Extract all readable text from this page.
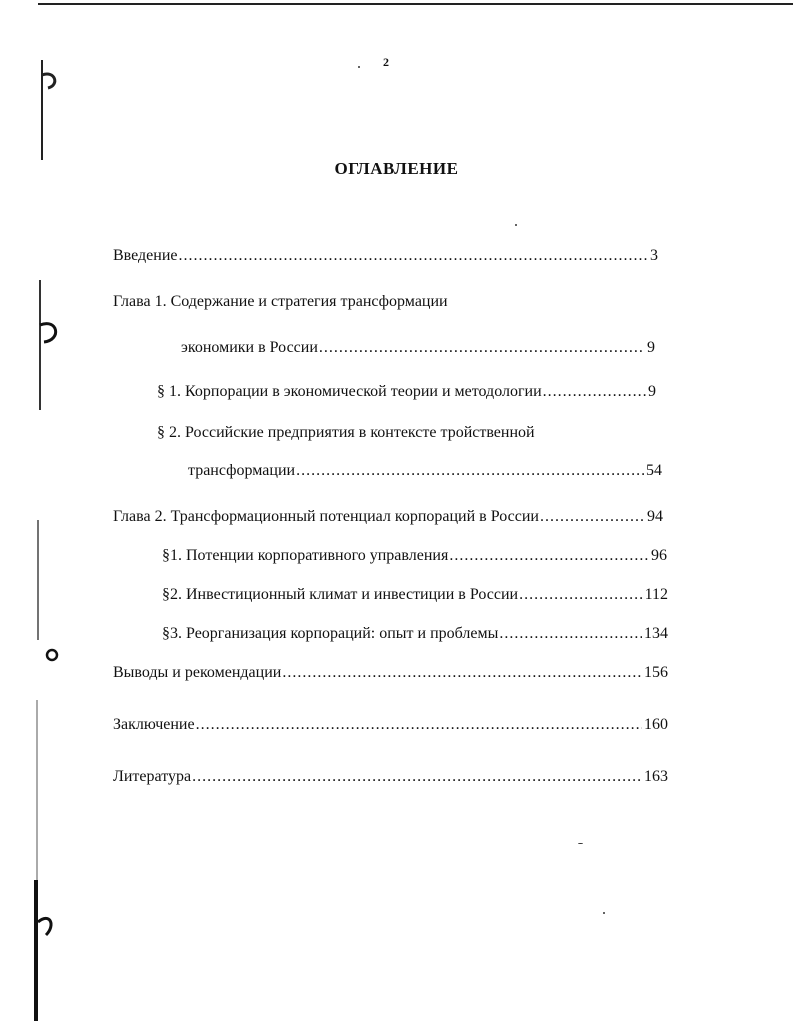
2
ОГЛАВЛЕНИЕ
Введение .....	3
Глава 1. Содержание и стратегия трансформации
экономики в России .....	9
§ 1. Корпорации в экономической теории и методологии .....	9
§ 2. Российские предприятия в контексте тройственной
трансформации .....	54
Глава 2. Трансформационный потенциал корпораций в России .....	94
§1. Потенции корпоративного управления .....	96
§2. Инвестиционный климат и инвестиции в России .....	112
§3. Реорганизация корпораций: опыт и проблемы .....	134
Выводы и рекомендации .....	156
Заключение .....	160
Литература .....	163
